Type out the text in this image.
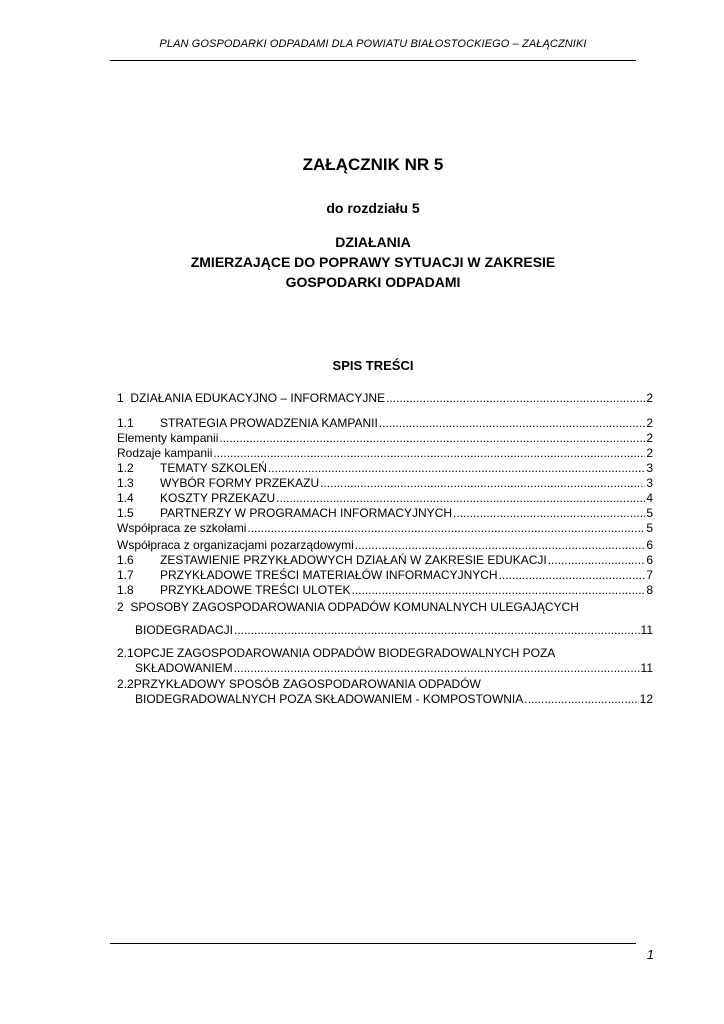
PLAN GOSPODARKI ODPADAMI DLA POWIATU BIAŁOSTOCKIEGO – ZAŁĄCZNIKI
ZAŁĄCZNIK NR 5
do rozdziału 5
DZIAŁANIA
ZMIERZAJĄCE DO POPRAWY SYTUACJI W ZAKRESIE
GOSPODARKI ODPADAMI
SPIS TREŚCI
1 DZIAŁANIA EDUKACYJNO – INFORMACYJNE .....	2
1.1 STRATEGIA PROWADZENIA KAMPANII .....	2
Elementy kampanii .....	2
Rodzaje kampanii .....	2
1.2 TEMATY SZKOLEŃ .....	3
1.3 WYBÓR FORMY PRZEKAZU .....	3
1.4 KOSZTY PRZEKAZU .....	4
1.5 PARTNERZY W PROGRAMACH INFORMACYJNYCH .....	5
Współpraca ze szkołami .....	5
Współpraca z organizacjami pozarządowymi .....	6
1.6 ZESTAWIENIE PRZYKŁADOWYCH DZIAŁAŃ W ZAKRESIE EDUKACJI .....	6
1.7 PRZYKŁADOWE TREŚCI MATERIAŁÓW INFORMACYJNYCH .....	7
1.8 PRZYKŁADOWE TREŚCI ULOTEK .....	8
2 SPOSOBY ZAGOSPODAROWANIA ODPADÓW KOMUNALNYCH ULEGAJĄCYCH
BIODEGRADACJI .....	11
2.1OPCJE ZAGOSPODAROWANIA ODPADÓW BIODEGRADOWALNYCH POZA
SKŁADOWANIEM .....	11
2.2PRZYKŁADOWY SPOSÓB ZAGOSPODAROWANIA ODPADÓW
BIODEGRADOWALNYCH POZA SKŁADOWANIEM - KOMPOSTOWNIA .....	12
1
